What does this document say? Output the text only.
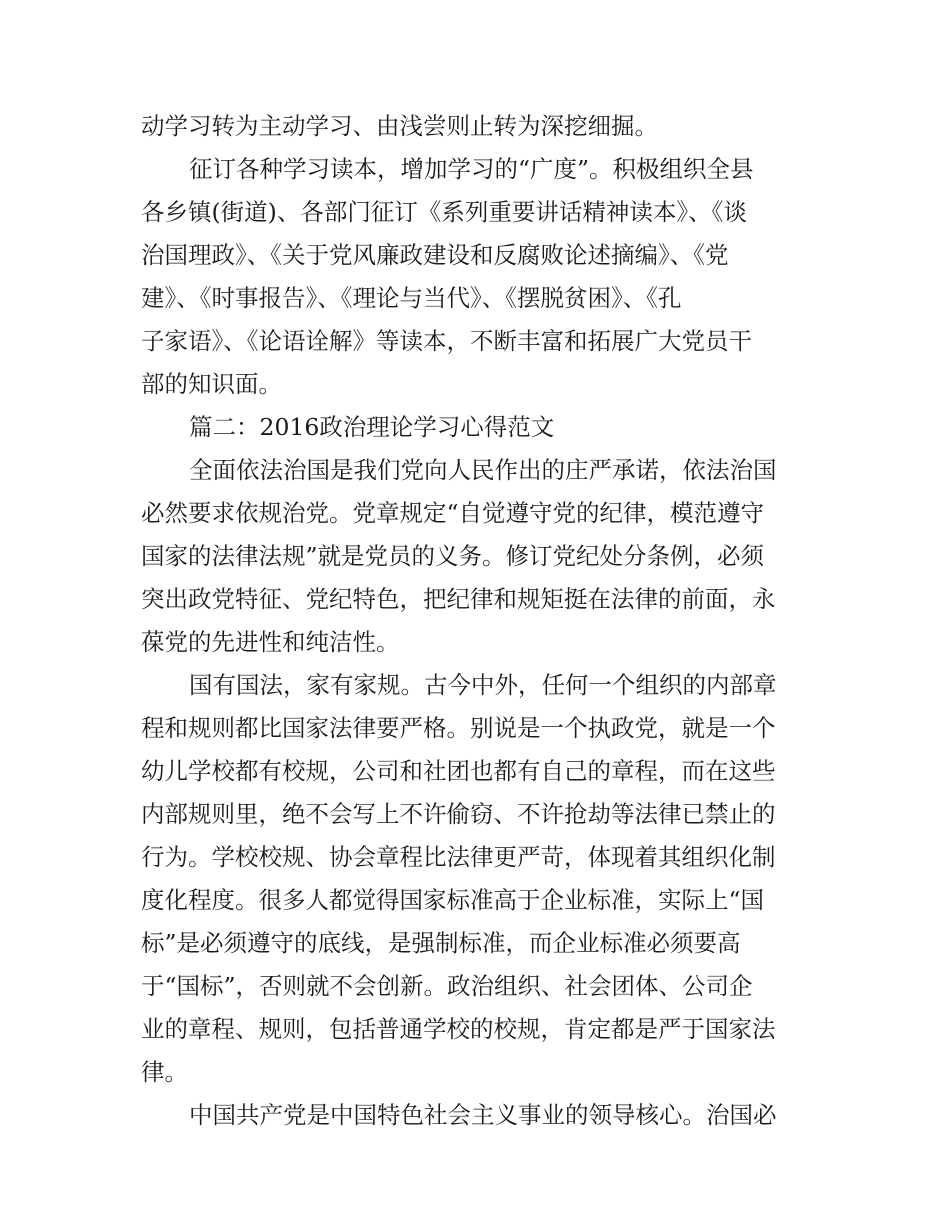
动学习转为主动学习、由浅尝则止转为深挖细掘。
征订各种学习读本，增加学习的“广度”。积极组织全县
各乡镇(街道)、各部门征订《系列重要讲话精神读本》、《谈
治国理政》、《关于党风廉政建设和反腐败论述摘编》、《党
建》、《时事报告》、《理论与当代》、《摆脱贫困》、《孔
子家语》、《论语诠解》等读本，不断丰富和拓展广大党员干
部的知识面。
篇二：2016政治理论学习心得范文
全面依法治国是我们党向人民作出的庄严承诺，依法治国
必然要求依规治党。党章规定“自觉遵守党的纪律，模范遵守
国家的法律法规”就是党员的义务。修订党纪处分条例，必须
突出政党特征、党纪特色，把纪律和规矩挺在法律的前面，永
葆党的先进性和纯洁性。
国有国法，家有家规。古今中外，任何一个组织的内部章
程和规则都比国家法律要严格。别说是一个执政党，就是一个
幼儿学校都有校规，公司和社团也都有自己的章程，而在这些
内部规则里，绝不会写上不许偷窃、不许抢劫等法律已禁止的
行为。学校校规、协会章程比法律更严苛，体现着其组织化制
度化程度。很多人都觉得国家标准高于企业标准，实际上“国
标”是必须遵守的底线，是强制标准，而企业标准必须要高
于“国标”，否则就不会创新。政治组织、社会团体、公司企
业的章程、规则，包括普通学校的校规，肯定都是严于国家法
律。
中国共产党是中国特色社会主义事业的领导核心。治国必
